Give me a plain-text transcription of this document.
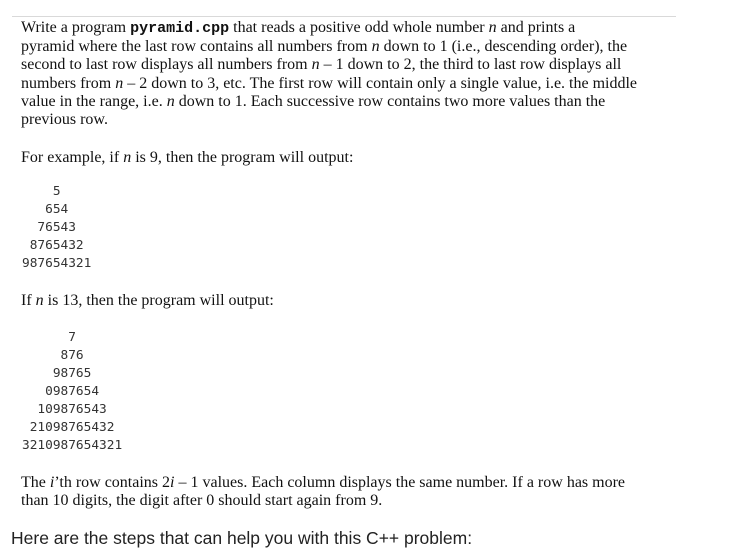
Write a program pyramid.cpp that reads a positive odd whole number n and prints a
pyramid where the last row contains all numbers from n down to 1 (i.e., descending order), the
second to last row displays all numbers from n – 1 down to 2, the third to last row displays all
numbers from n – 2 down to 3, etc. The first row will contain only a single value, i.e. the middle
value in the range, i.e. n down to 1. Each successive row contains two more values than the
previous row.
For example, if n is 9, then the program will output:
5
654
76543
8765432
987654321
If n is 13, then the program will output:
7
876
98765
0987654
109876543
21098765432
3210987654321
The i’th row contains 2i – 1 values. Each column displays the same number. If a row has more
than 10 digits, the digit after 0 should start again from 9.
Here are the steps that can help you with this C++ problem:
